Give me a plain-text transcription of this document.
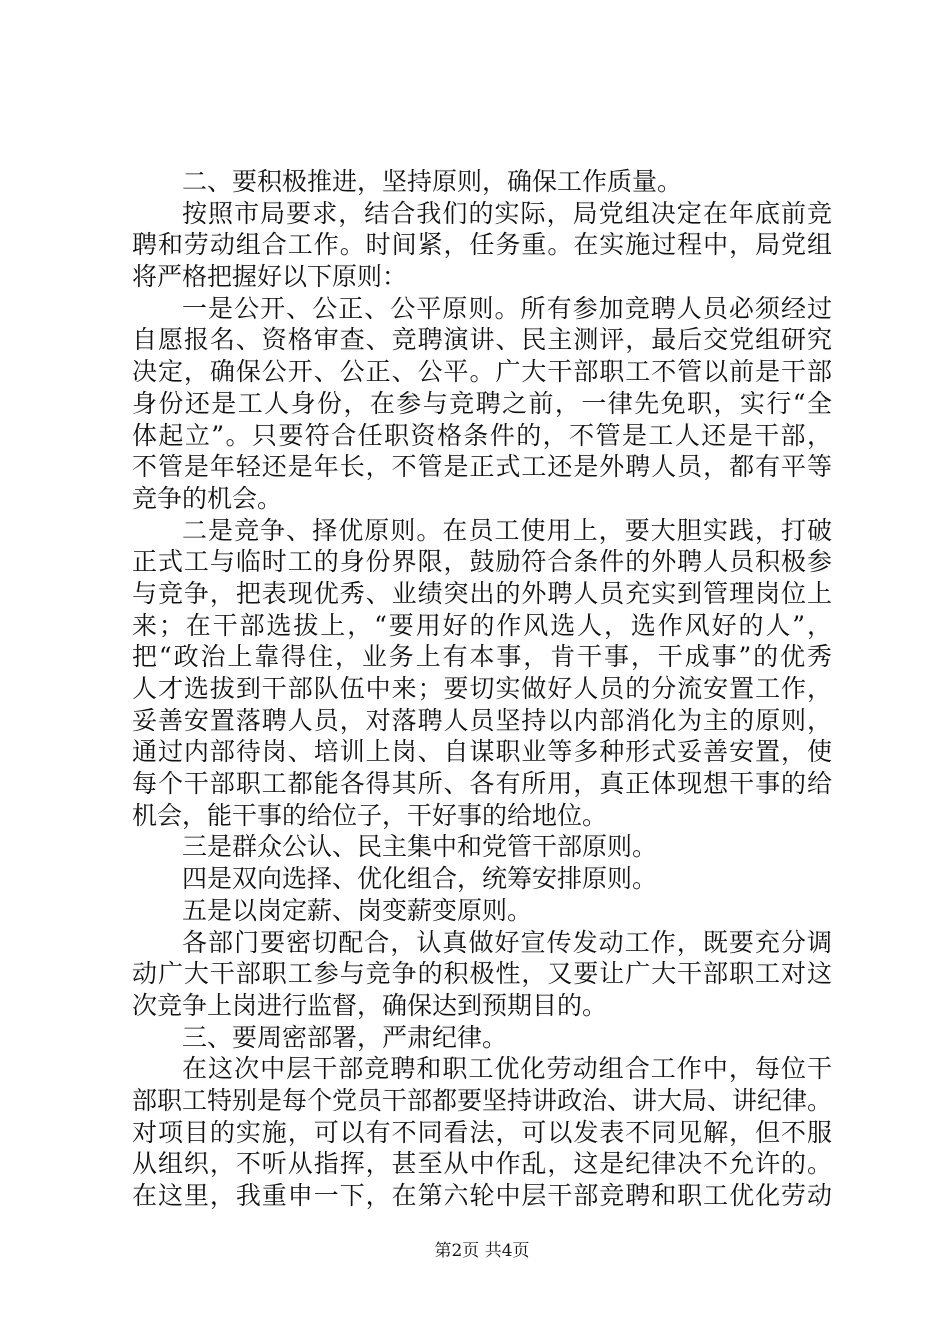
二、要积极推进，坚持原则，确保工作质量。
按照市局要求，结合我们的实际，局党组决定在年底前竞
聘和劳动组合工作。时间紧，任务重。在实施过程中，局党组
将严格把握好以下原则：
一是公开、公正、公平原则。所有参加竞聘人员必须经过
自愿报名、资格审查、竞聘演讲、民主测评，最后交党组研究
决定，确保公开、公正、公平。广大干部职工不管以前是干部
身份还是工人身份，在参与竞聘之前，一律先免职，实行“全
体起立”。只要符合任职资格条件的，不管是工人还是干部，
不管是年轻还是年长，不管是正式工还是外聘人员，都有平等
竞争的机会。
二是竞争、择优原则。在员工使用上，要大胆实践，打破
正式工与临时工的身份界限，鼓励符合条件的外聘人员积极参
与竞争，把表现优秀、业绩突出的外聘人员充实到管理岗位上
来；在干部选拔上，“要用好的作风选人，选作风好的人”，
把“政治上靠得住，业务上有本事，肯干事，干成事”的优秀
人才选拔到干部队伍中来；要切实做好人员的分流安置工作，
妥善安置落聘人员，对落聘人员坚持以内部消化为主的原则，
通过内部待岗、培训上岗、自谋职业等多种形式妥善安置，使
每个干部职工都能各得其所、各有所用，真正体现想干事的给
机会，能干事的给位子，干好事的给地位。
三是群众公认、民主集中和党管干部原则。
四是双向选择、优化组合，统筹安排原则。
五是以岗定薪、岗变薪变原则。
各部门要密切配合，认真做好宣传发动工作，既要充分调
动广大干部职工参与竞争的积极性，又要让广大干部职工对这
次竞争上岗进行监督，确保达到预期目的。
三、要周密部署，严肃纪律。
在这次中层干部竞聘和职工优化劳动组合工作中，每位干
部职工特别是每个党员干部都要坚持讲政治、讲大局、讲纪律。
对项目的实施，可以有不同看法，可以发表不同见解，但不服
从组织，不听从指挥，甚至从中作乱，这是纪律决不允许的。
在这里，我重申一下，在第六轮中层干部竞聘和职工优化劳动
第2页 共4页
